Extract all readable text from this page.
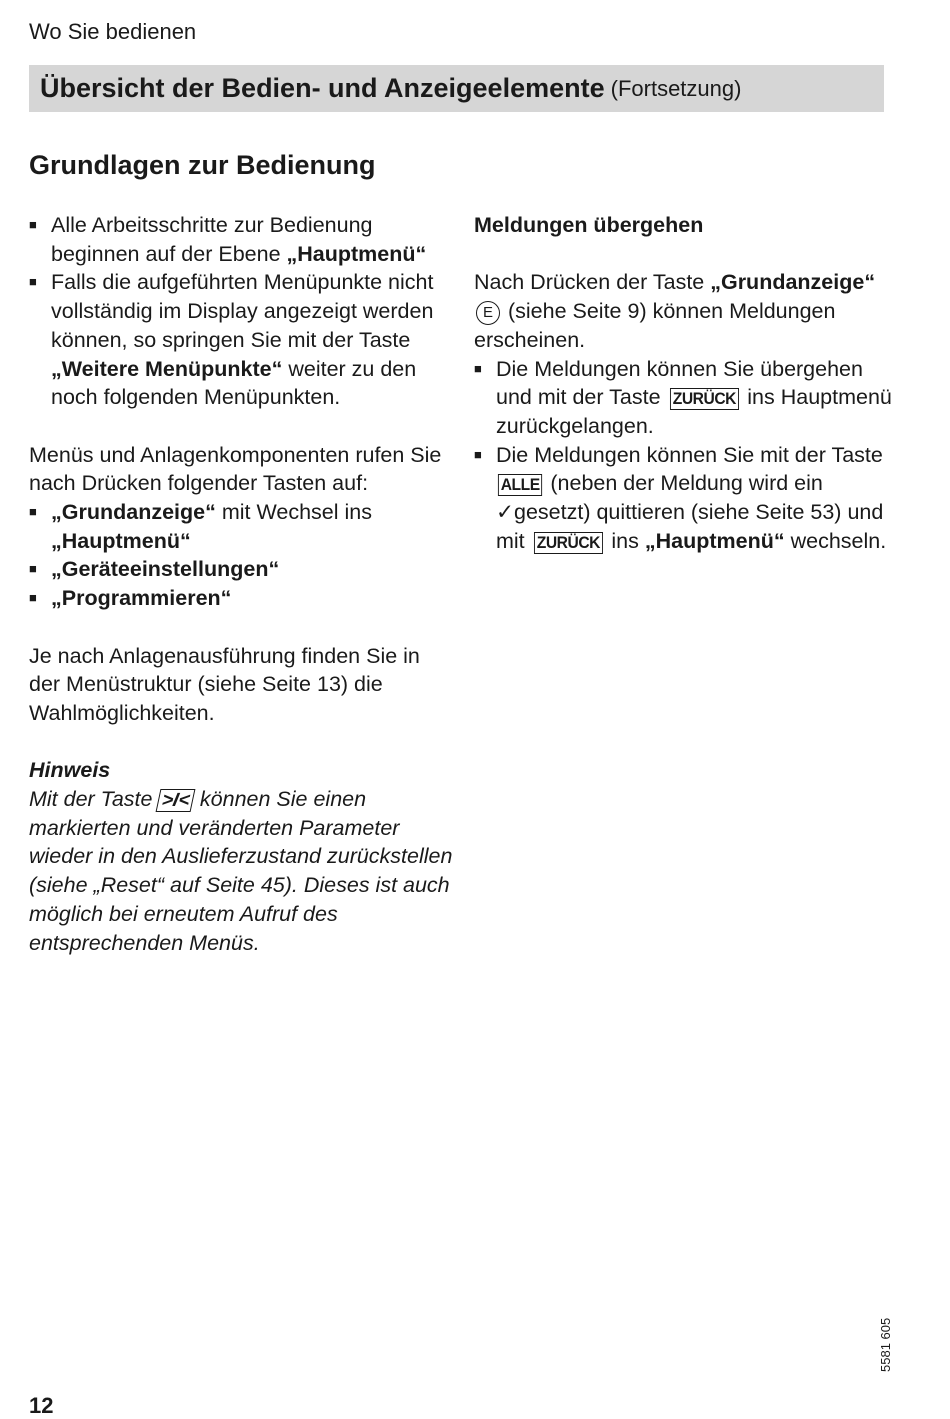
Wo Sie bedienen
Übersicht der Bedien- und Anzeigeelemente (Fortsetzung)
Grundlagen zur Bedienung
■ Alle Arbeitsschritte zur Bedienung beginnen auf der Ebene „Hauptmenü“
■ Falls die aufgeführten Menüpunkte nicht vollständig im Display angezeigt werden können, so springen Sie mit der Taste „Weitere Menüpunkte“ weiter zu den noch folgenden Menüpunkten.

Menüs und Anlagenkomponenten rufen Sie nach Drücken folgender Tasten auf:

■ „Grundanzeige“ mit Wechsel ins „Hauptmenü“
■ „Geräteeinstellungen“
■ „Programmieren“

Je nach Anlagenausführung finden Sie in der Menüstruktur (siehe Seite 13) die Wahlmöglichkeiten.

Hinweis
Mit der Taste >I< können Sie einen markierten und veränderten Parameter wieder in den Auslieferzustand zurückstellen (siehe „Reset“ auf Seite 45). Dieses ist auch möglich bei erneutem Aufruf des entsprechenden Menüs.

Meldungen übergehen

Nach Drücken der Taste „Grundanzeige“E (siehe Seite 9) können Meldungen erscheinen.

■ Die Meldungen können Sie übergehen und mit der Taste ZURÜCK ins Hauptmenü zurückgelangen.
■ Die Meldungen können Sie mit der Taste ALLE (neben der Meldung wird ein ✓gesetzt) quittieren (siehe Seite 53) und mit ZURÜCK ins „Hauptmenü“ wechseln.
12
5581 605
